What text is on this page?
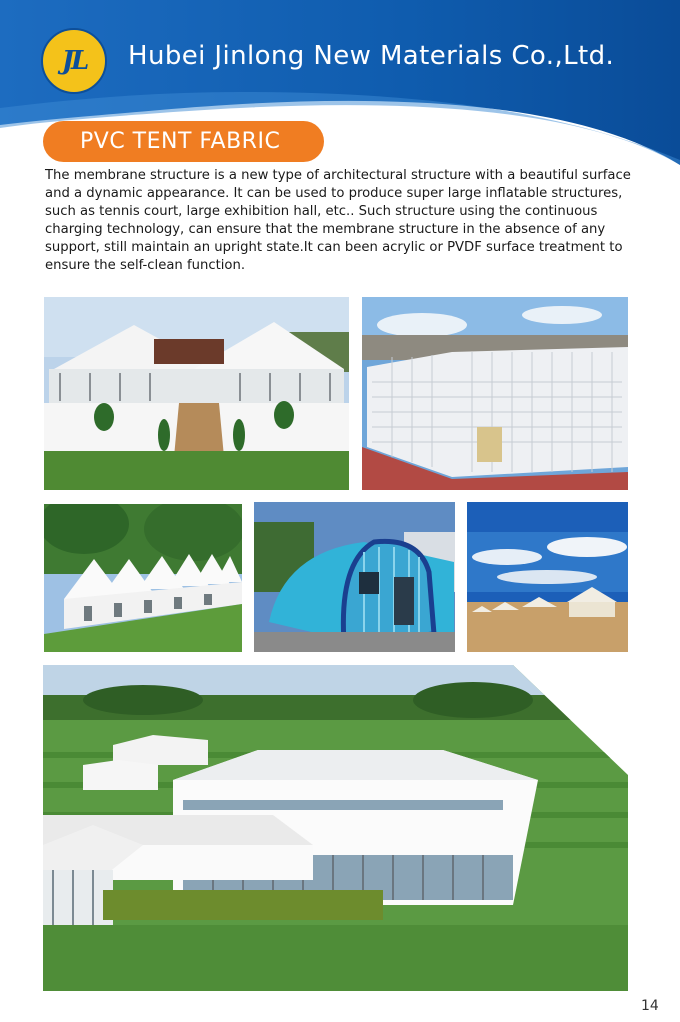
JL	Hubei Jinlong New Materials Co.,Ltd.
PVC TENT FABRIC

The membrane structure is a new type of architectural structure with a beautiful surface and a dynamic appearance. It can be used to produce super large inflatable structures, such as tennis court, large exhibition hall, etc.. Such structure using the continuous charging technology, can ensure that the membrane structure in the absence of any support, still maintain an upright state.It can been acrylic or PVDF surface treatment to ensure the self-clean function.

14
